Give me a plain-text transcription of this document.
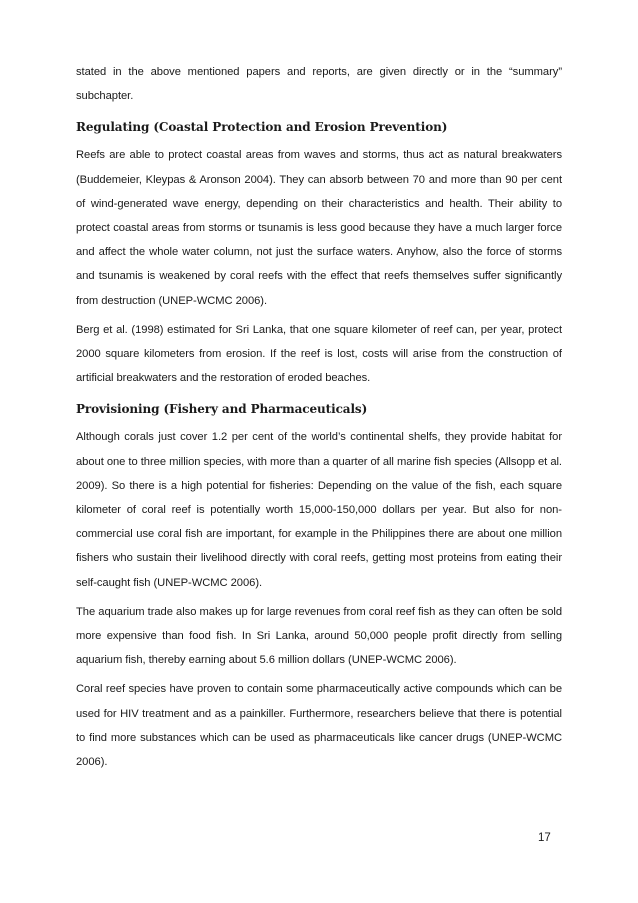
stated in the above mentioned papers and reports, are given directly or in the “summary” subchapter.

Regulating (Coastal Protection and Erosion Prevention)

Reefs are able to protect coastal areas from waves and storms, thus act as natural breakwaters (Buddemeier, Kleypas & Aronson 2004). They can absorb between 70 and more than 90 per cent of wind-generated wave energy, depending on their characteristics and health. Their ability to protect coastal areas from storms or tsunamis is less good because they have a much larger force and affect the whole water column, not just the surface waters. Anyhow, also the force of storms and tsunamis is weakened by coral reefs with the effect that reefs themselves suffer significantly from destruction (UNEP-WCMC 2006).

Berg et al. (1998) estimated for Sri Lanka, that one square kilometer of reef can, per year, protect 2000 square kilometers from erosion. If the reef is lost, costs will arise from the construction of artificial breakwaters and the restoration of eroded beaches.

Provisioning (Fishery and Pharmaceuticals)

Although corals just cover 1.2 per cent of the world’s continental shelfs, they provide habitat for about one to three million species, with more than a quarter of all marine fish species (Allsopp et al. 2009). So there is a high potential for fisheries: Depending on the value of the fish, each square kilometer of coral reef is potentially worth 15,000-150,000 dollars per year. But also for non-commercial use coral fish are important, for example in the Philippines there are about one million fishers who sustain their livelihood directly with coral reefs, getting most proteins from eating their self-caught fish (UNEP-WCMC 2006).

The aquarium trade also makes up for large revenues from coral reef fish as they can often be sold more expensive than food fish. In Sri Lanka, around 50,000 people profit directly from selling aquarium fish, thereby earning about 5.6 million dollars (UNEP-WCMC 2006).

Coral reef species have proven to contain some pharmaceutically active compounds which can be used for HIV treatment and as a painkiller. Furthermore, researchers believe that there is potential to find more substances which can be used as pharmaceuticals like cancer drugs (UNEP-WCMC 2006).

17
